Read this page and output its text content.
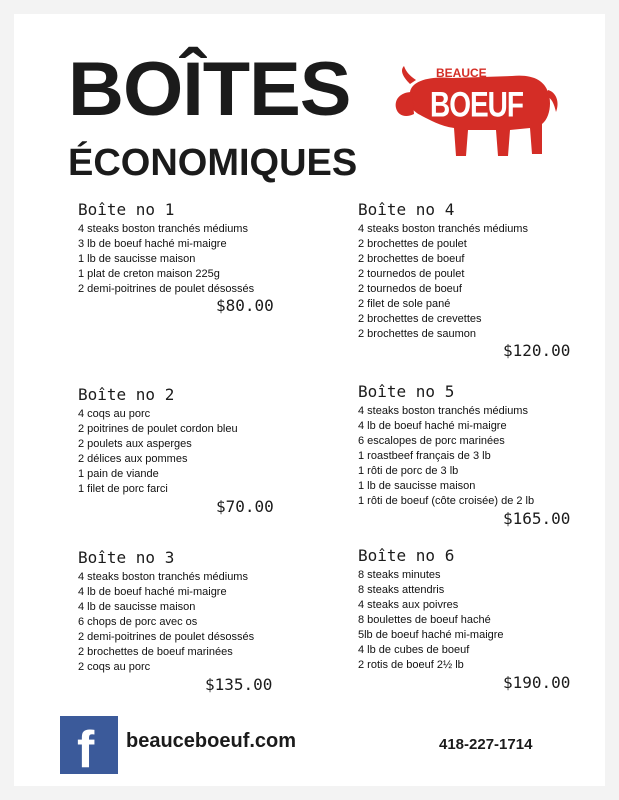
BOÎTES
ÉCONOMIQUES
BEAUCE
BOEUF
Boîte no 1
4 steaks boston tranchés médiums
3 lb de boeuf haché mi-maigre
1 lb de saucisse maison
1 plat de creton maison 225g
2 demi-poitrines de poulet désossés
$80.00
Boîte no 2
4 coqs au porc
2 poitrines de poulet cordon bleu
2 poulets aux asperges
2 délices aux pommes
1 pain de viande
1 filet de porc farci
$70.00
Boîte no 3
4 steaks boston tranchés médiums
4 lb de boeuf haché mi-maigre
4 lb de saucisse maison
6 chops de porc avec os
2 demi-poitrines de poulet désossés
2 brochettes de boeuf marinées
2 coqs au porc
$135.00
Boîte no 4
4 steaks boston tranchés médiums
2 brochettes de poulet
2 brochettes de boeuf
2 tournedos de poulet
2 tournedos de boeuf
2 filet de sole pané
2 brochettes de crevettes
2 brochettes de saumon
$120.00
Boîte no 5
4 steaks boston tranchés médiums
4 lb de boeuf haché mi-maigre
6 escalopes de porc marinées
1 roastbeef français de 3 lb
1 rôti de porc de 3 lb
1 lb de saucisse maison
1 rôti de boeuf (côte croisée) de 2 lb
$165.00
Boîte no 6
8 steaks minutes
8 steaks attendris
4 steaks aux poivres
8 boulettes de boeuf haché
5lb de boeuf haché mi-maigre
4 lb de cubes de boeuf
2 rotis de boeuf 2½ lb
$190.00
f beauceboeuf.com	418-227-1714
